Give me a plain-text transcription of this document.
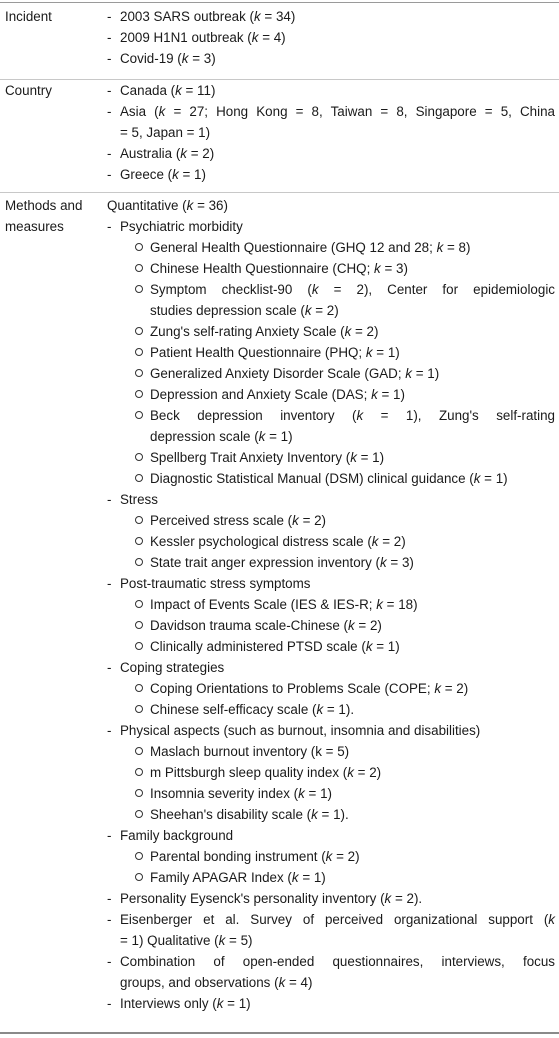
Incident	- 2003 SARS outbreak (k = 34)
- 2009 H1N1 outbreak (k = 4)
- Covid-19 (k = 3)
Country	- Canada (k = 11)
- Asia (k = 27; Hong Kong = 8, Taiwan = 8, Singapore = 5, China
= 5, Japan = 1)
- Australia (k = 2)
- Greece (k = 1)
Methods and
measures
Quantitative (k = 36)
- Psychiatric morbidity
General Health Questionnaire (GHQ 12 and 28; k = 8)
Chinese Health Questionnaire (CHQ; k = 3)
Symptom checklist-90 (k = 2), Center for epidemiologic
studies depression scale (k = 2)
Zung's self-rating Anxiety Scale (k = 2)
Patient Health Questionnaire (PHQ; k = 1)
Generalized Anxiety Disorder Scale (GAD; k = 1)
Depression and Anxiety Scale (DAS; k = 1)
Beck depression inventory (k = 1), Zung's self-rating
depression scale (k = 1)
Spellberg Trait Anxiety Inventory (k = 1)
Diagnostic Statistical Manual (DSM) clinical guidance (k = 1)
- Stress
Perceived stress scale (k = 2)
Kessler psychological distress scale (k = 2)
State trait anger expression inventory (k = 3)
- Post-traumatic stress symptoms
Impact of Events Scale (IES & IES-R; k = 18)
Davidson trauma scale-Chinese (k = 2)
Clinically administered PTSD scale (k = 1)
- Coping strategies
Coping Orientations to Problems Scale (COPE; k = 2)
Chinese self-efficacy scale (k = 1).
- Physical aspects (such as burnout, insomnia and disabilities)
Maslach burnout inventory (k = 5)
m Pittsburgh sleep quality index (k = 2)
Insomnia severity index (k = 1)
Sheehan's disability scale (k = 1).
- Family background
Parental bonding instrument (k = 2)
Family APAGAR Index (k = 1)
- Personality Eysenck's personality inventory (k = 2).
- Eisenberger et al. Survey of perceived organizational support (k
= 1) Qualitative (k = 5)
- Combination of open-ended questionnaires, interviews, focus
groups, and observations (k = 4)
- Interviews only (k = 1)
